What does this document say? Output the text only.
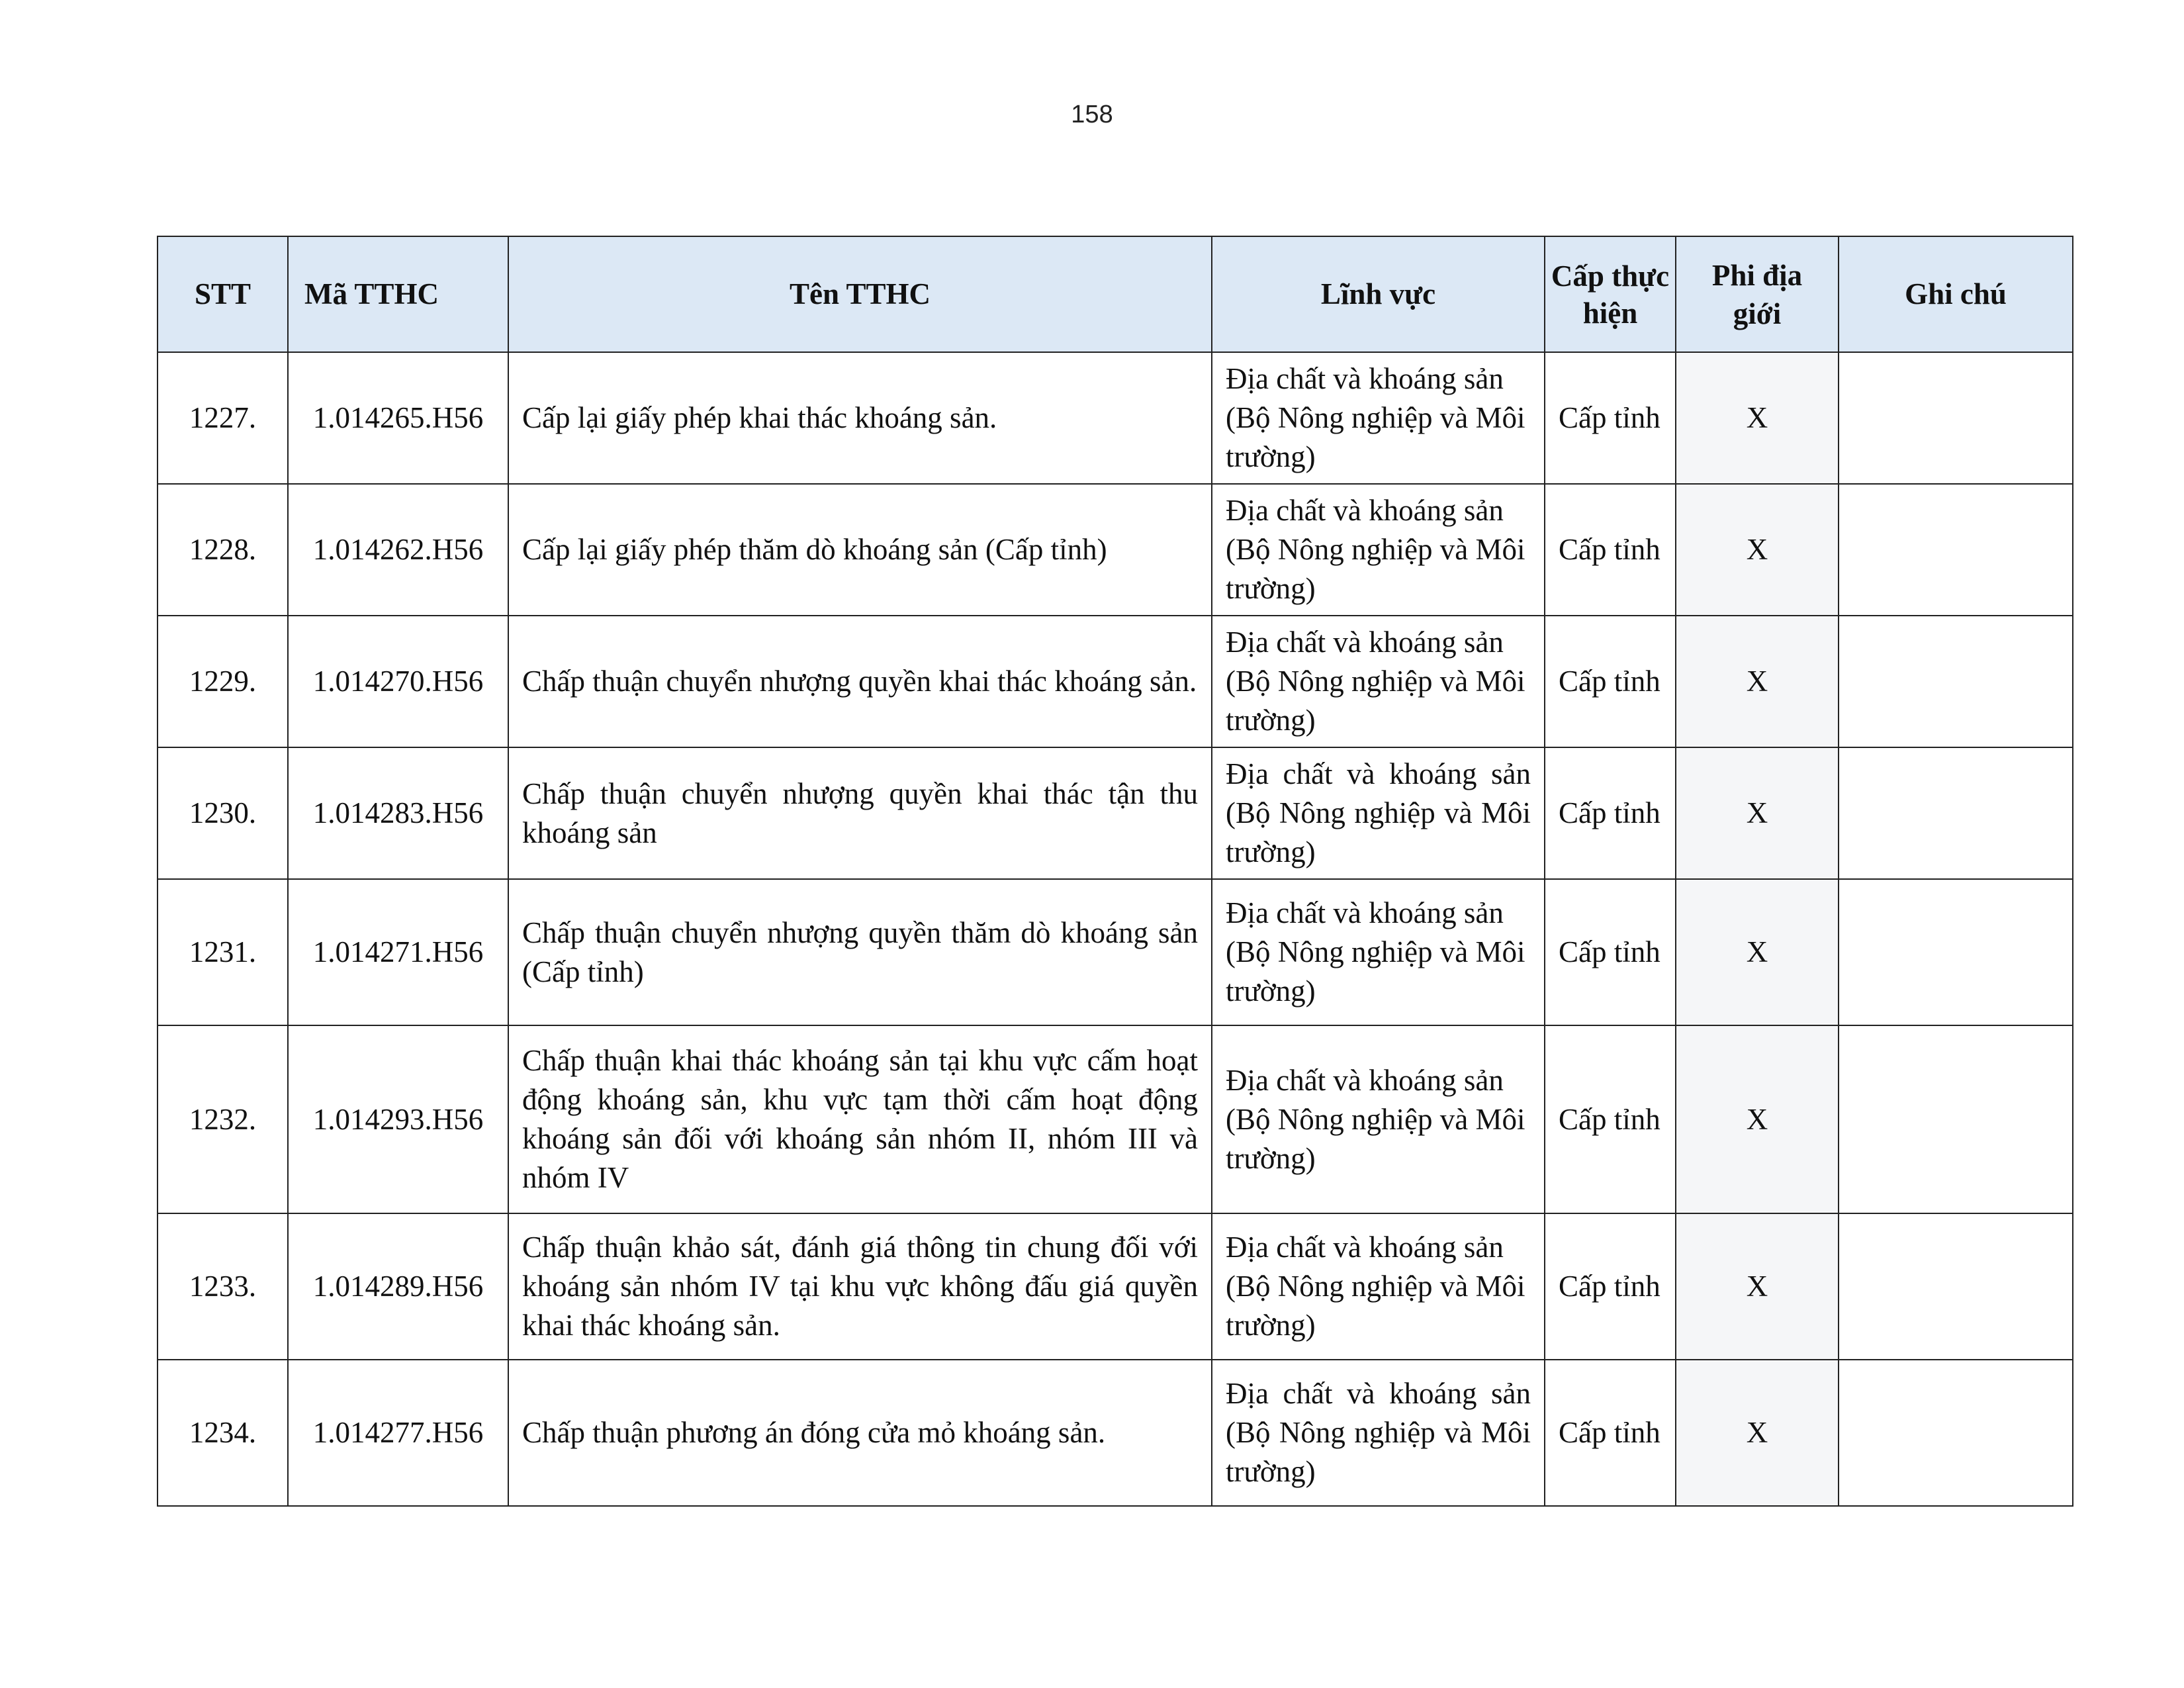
158
STT	Mã TTHC	Tên TTHC	Lĩnh vực	Cấp thực hiện	Phi địa giới	Ghi chú
1227.	1.014265.H56	Cấp lại giấy phép khai thác khoáng sản.	Địa chất và khoáng sản (Bộ Nông nghiệp và Môi trường)	Cấp tỉnh	X	
1228.	1.014262.H56	Cấp lại giấy phép thăm dò khoáng sản (Cấp tỉnh)	Địa chất và khoáng sản (Bộ Nông nghiệp và Môi trường)	Cấp tỉnh	X	
1229.	1.014270.H56	Chấp thuận chuyển nhượng quyền khai thác khoáng sản.	Địa chất và khoáng sản (Bộ Nông nghiệp và Môi trường)	Cấp tỉnh	X	
1230.	1.014283.H56	Chấp thuận chuyển nhượng quyền khai thác tận thu khoáng sản	Địa chất và khoáng sản (Bộ Nông nghiệp và Môi trường)	Cấp tỉnh	X	
1231.	1.014271.H56	Chấp thuận chuyển nhượng quyền thăm dò khoáng sản (Cấp tỉnh)	Địa chất và khoáng sản (Bộ Nông nghiệp và Môi trường)	Cấp tỉnh	X	
1232.	1.014293.H56	Chấp thuận khai thác khoáng sản tại khu vực cấm hoạt động khoáng sản, khu vực tạm thời cấm hoạt động khoáng sản đối với khoáng sản nhóm II, nhóm III và nhóm IV	Địa chất và khoáng sản (Bộ Nông nghiệp và Môi trường)	Cấp tỉnh	X	
1233.	1.014289.H56	Chấp thuận khảo sát, đánh giá thông tin chung đối với khoáng sản nhóm IV tại khu vực không đấu giá quyền khai thác khoáng sản.	Địa chất và khoáng sản (Bộ Nông nghiệp và Môi trường)	Cấp tỉnh	X	
1234.	1.014277.H56	Chấp thuận phương án đóng cửa mỏ khoáng sản.	Địa chất và khoáng sản (Bộ Nông nghiệp và Môi trường)	Cấp tỉnh	X	
